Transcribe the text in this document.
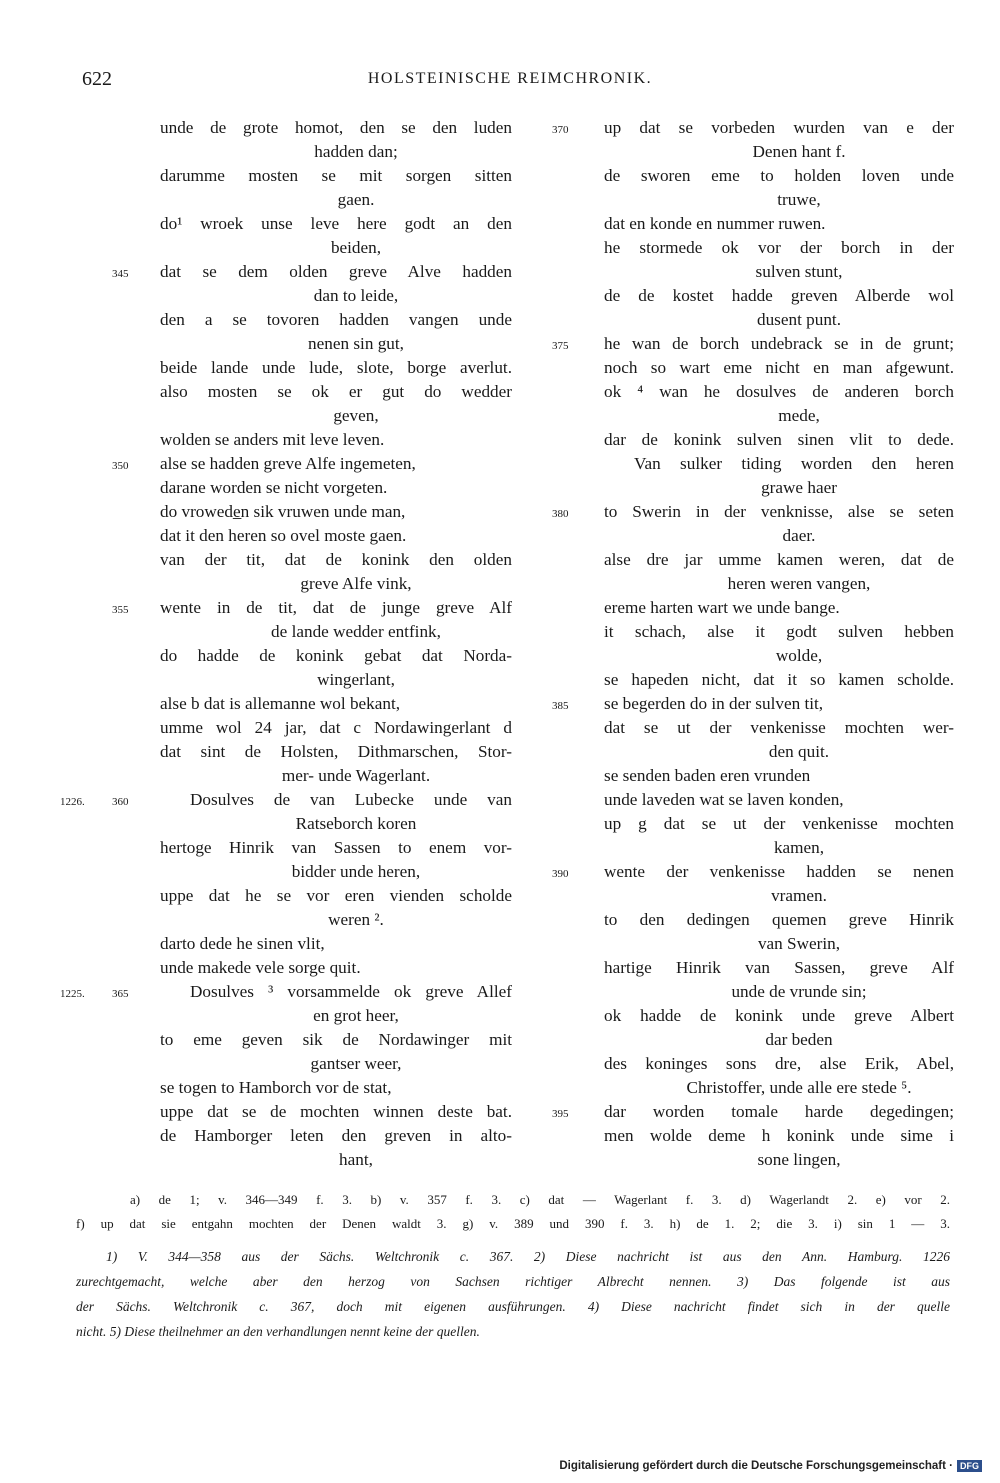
622	HOLSTEINISCHE REIMCHRONIK.
unde de grote homot, den se den luden
hadden dan;
darumme mosten se mit sorgen sitten
gaen.
do¹ wroek unse leve here godt an den
beiden,
dat se dem olden greve Alve hadden
345
dan to leide,
den a se tovoren hadden vangen unde
nenen sin gut,
beide lande unde lude, slote, borge averlut.
also mosten se ok er gut do wedder
geven,
wolden se anders mit leve leven.
alse se hadden greve Alfe ingemeten,
350
darane worden se nicht vorgeten.
do vrowede̲n sik vruwen unde man,
dat it den heren so ovel moste gaen.
van der tit, dat de konink den olden
greve Alfe vink,
wente in de tit, dat de junge greve Alf
355
de lande wedder entfink,
do hadde de konink gebat dat Norda-
wingerlant,
alse b dat is allemanne wol bekant,
umme wol 24 jar, dat c Nordawingerlant d
dat sint de Holsten, Dithmarschen, Stor-
mer- unde Wagerlant.
Dosulves de van Lubecke unde van
360
1226.
Ratseborch koren
hertoge Hinrik van Sassen to enem vor-
bidder unde heren,
uppe dat he se vor eren vienden scholde
weren ².
darto dede he sinen vlit,
unde makede vele sorge quit.
Dosulves ³ vorsammelde ok greve Allef
365
1225.
en grot heer,
to eme geven sik de Nordawinger mit
gantser weer,
se togen to Hamborch vor de stat,
uppe dat se de mochten winnen deste bat.
de Hamborger leten den greven in alto-
hant,
up dat se vorbeden wurden van e der
370
Denen hant f.
de sworen eme to holden loven unde
truwe,
dat en konde en nummer ruwen.
he stormede ok vor der borch in der
sulven stunt,
de de kostet hadde greven Alberde wol
dusent punt.
he wan de borch undebrack se in de grunt;
375
noch so wart eme nicht en man afgewunt.
ok ⁴ wan he dosulves de anderen borch
mede,
dar de konink sulven sinen vlit to dede.
Van sulker tiding worden den heren
grawe haer
to Swerin in der venknisse, alse se seten
380
daer.
alse dre jar umme kamen weren, dat de
heren weren vangen,
ereme harten wart we unde bange.
it schach, alse it godt sulven hebben
wolde,
se hapeden nicht, dat it so kamen scholde.
se begerden do in der sulven tit,
385
dat se ut der venkenisse mochten wer-
den quit.
se senden baden eren vrunden
unde laveden wat se laven konden,
up g dat se ut der venkenisse mochten
kamen,
wente der venkenisse hadden se nenen
390
vramen.
to den dedingen quemen greve Hinrik
van Swerin,
hartige Hinrik van Sassen, greve Alf
unde de vrunde sin;
ok hadde de konink unde greve Albert
dar beden
des koninges sons dre, alse Erik, Abel,
Christoffer, unde alle ere stede ⁵.
dar worden tomale harde degedingen;
395
men wolde deme h konink unde sime i
sone lingen,
a) de 1; v. 346—349 f. 3. b) v. 357 f. 3. c) dat — Wagerlant f. 3. d) Wagerlandt 2. e) vor 2.
f) up dat sie entgahn mochten der Denen waldt 3. g) v. 389 und 390 f. 3. h) de 1. 2; die 3. i) sin 1 — 3.
1) V. 344—358 aus der Sächs. Weltchronik c. 367. 2) Diese nachricht ist aus den Ann. Hamburg. 1226
zurechtgemacht, welche aber den herzog von Sachsen richtiger Albrecht nennen. 3) Das folgende ist aus
der Sächs. Weltchronik c. 367, doch mit eigenen ausführungen. 4) Diese nachricht findet sich in der quelle
nicht. 5) Diese theilnehmer an den verhandlungen nennt keine der quellen.
Digitalisierung gefördert durch die Deutsche Forschungsgemeinschaft · DFG
